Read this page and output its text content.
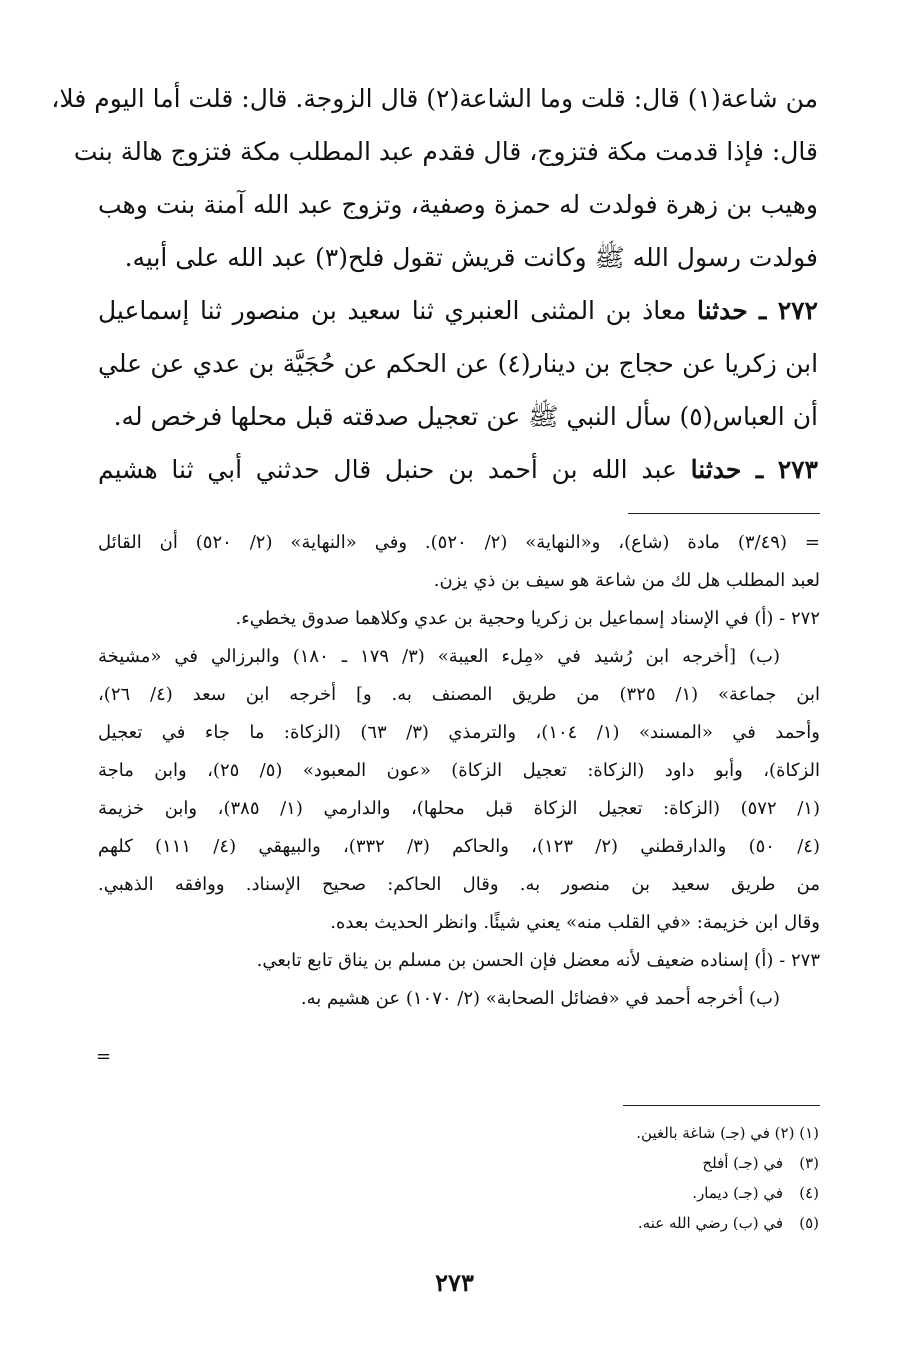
من شاعة(١) قال: قلت وما الشاعة(٢) قال الزوجة. قال: قلت أما اليوم فلا،
قال: فإذا قدمت مكة فتزوج، قال فقدم عبد المطلب مكة فتزوج هالة بنت
وهيب بن زهرة فولدت له حمزة وصفية، وتزوج عبد الله آمنة بنت وهب
فولدت رسول الله ﷺ وكانت قريش تقول فلح(٣) عبد الله على أبيه.
٢٧٢ ـ حدثنا معاذ بن المثنى العنبري ثنا سعيد بن منصور ثنا إسماعيل
ابن زكريا عن حجاج بن دينار(٤) عن الحكم عن حُجَيَّة بن عدي عن علي
أن العباس(٥) سأل النبي ﷺ عن تعجيل صدقته قبل محلها فرخص له.
٢٧٣ ـ حدثنا عبد الله بن أحمد بن حنبل قال حدثني أبي ثنا هشيم
= (٣/٤٩) مادة (شاع)، و«النهاية» (٢/ ٥٢٠). وفي «النهاية» (٢/ ٥٢٠) أن القائل
لعبد المطلب هل لك من شاعة هو سيف بن ذي يزن.
٢٧٢ - (أ) في الإسناد إسماعيل بن زكريا وحجية بن عدي وكلاهما صدوق يخطيء.
(ب) [أخرجه ابن رُشيد في «مِلء العيبة» (٣/ ١٧٩ ـ ١٨٠) والبرزالي في «مشيخة
ابن جماعة» (١/ ٣٢٥) من طريق المصنف به. و] أخرجه ابن سعد (٤/ ٢٦)،
وأحمد في «المسند» (١/ ١٠٤)، والترمذي (٣/ ٦٣) (الزكاة: ما جاء في تعجيل
الزكاة)، وأبو داود (الزكاة: تعجيل الزكاة) «عون المعبود» (٥/ ٢٥)، وابن ماجة
(١/ ٥٧٢) (الزكاة: تعجيل الزكاة قبل محلها)، والدارمي (١/ ٣٨٥)، وابن خزيمة
(٤/ ٥٠) والدارقطني (٢/ ١٢٣)، والحاكم (٣/ ٣٣٢)، والبيهقي (٤/ ١١١) كلهم
من طريق سعيد بن منصور به. وقال الحاكم: صحيح الإسناد. ووافقه الذهبي.
وقال ابن خزيمة: «في القلب منه» يعني شيئًا. وانظر الحديث بعده.
٢٧٣ - (أ) إسناده ضعيف لأنه معضل فإن الحسن بن مسلم بن يناق تابع تابعي.
(ب) أخرجه أحمد في «فضائل الصحابة» (٢/ ١٠٧٠) عن هشيم به.
=
(١) (٢) في (جـ) شاغة بالغين.
(٣)في (جـ) أفلح
(٤)في (جـ) ديمار.
(٥)في (ب) رضي الله عنه.
٢٧٣
